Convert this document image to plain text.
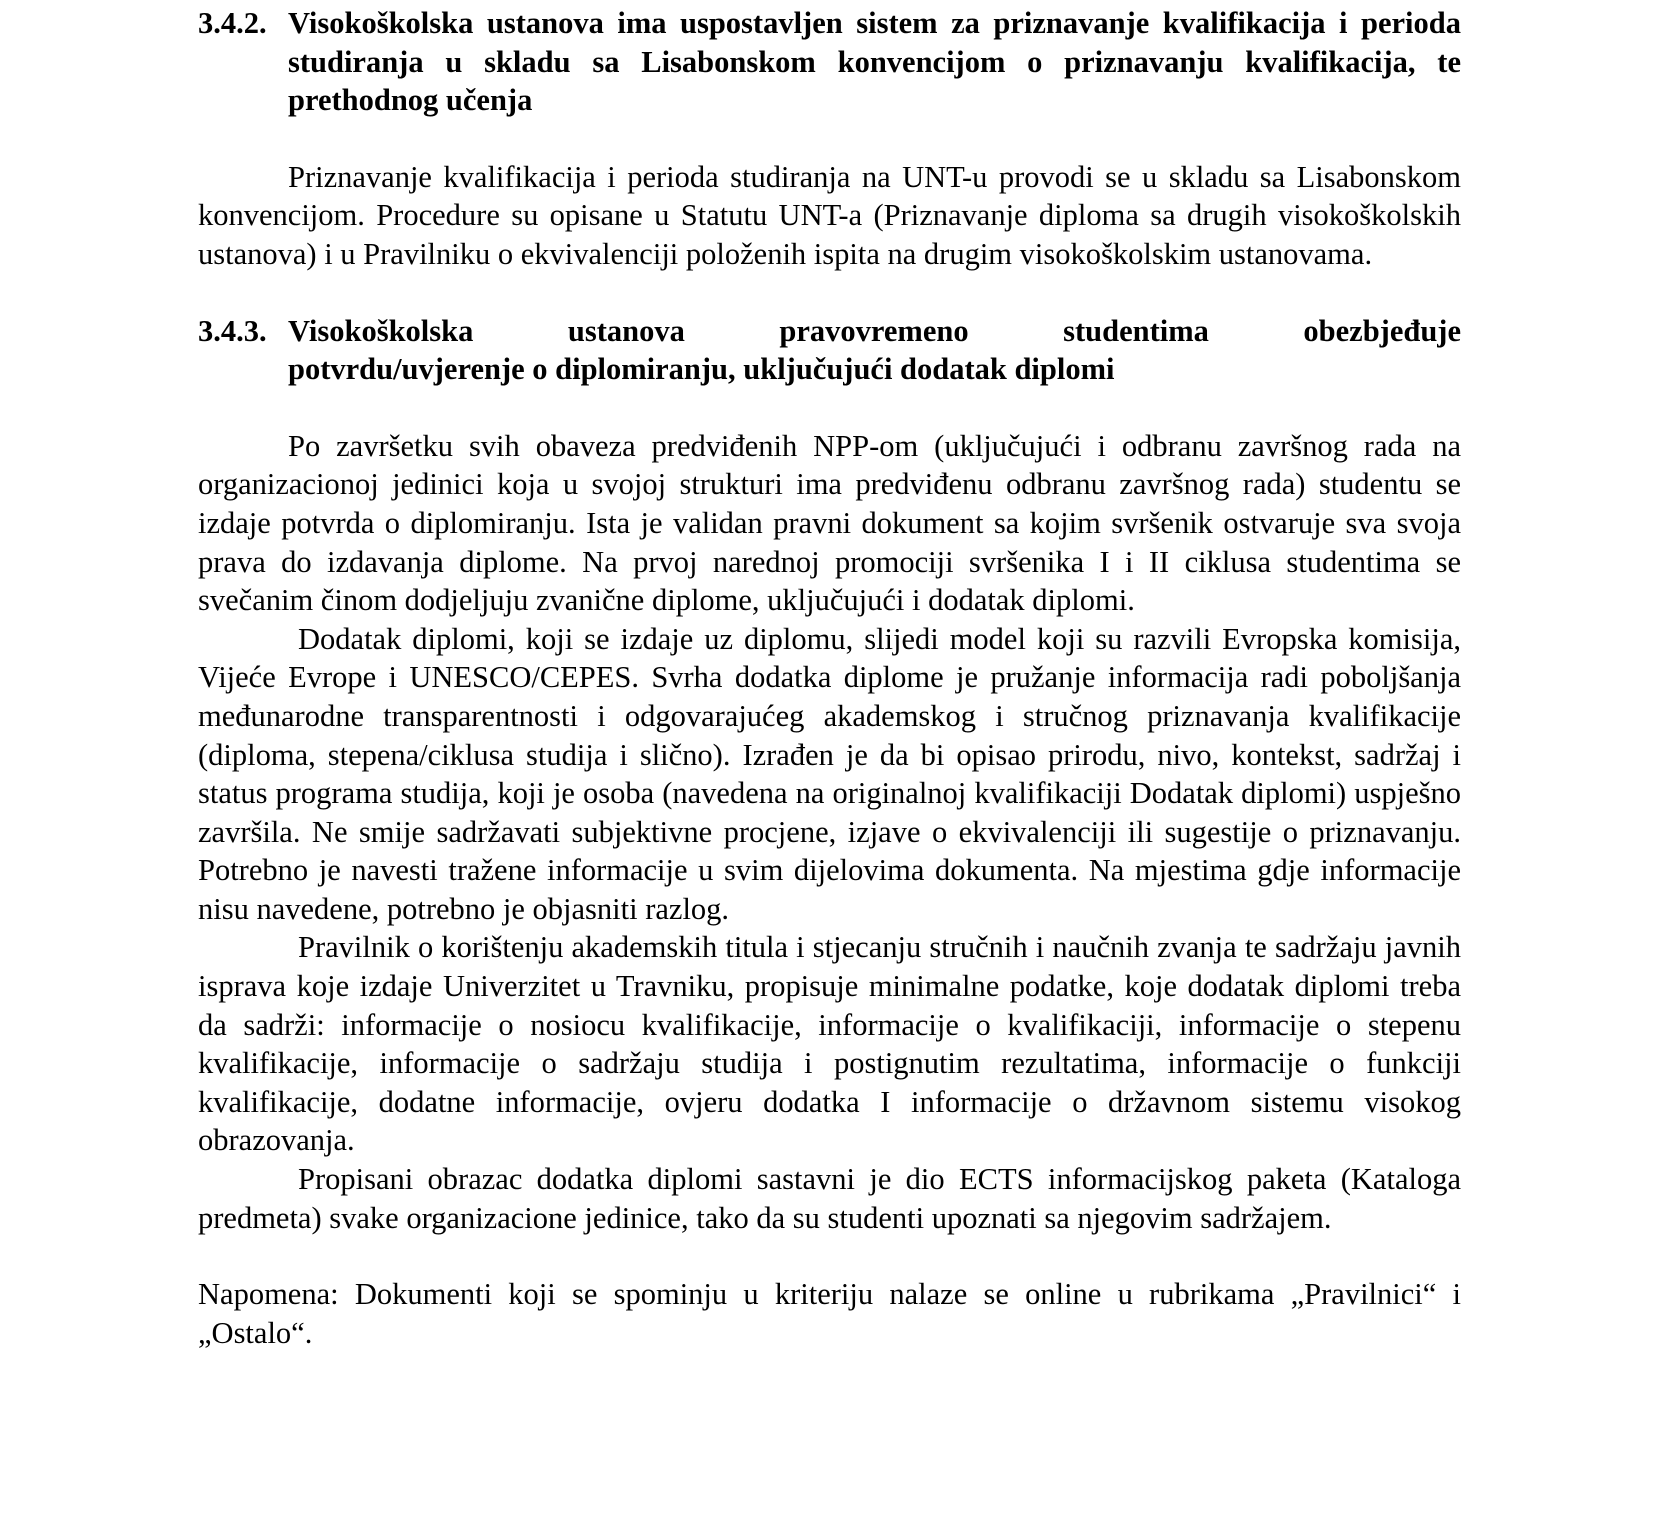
3.4.2. Visokoškolska ustanova ima uspostavljen sistem za priznavanje kvalifikacija i perioda studiranja u skladu sa Lisabonskom konvencijom o priznavanju kvalifikacija, te prethodnog učenja

Priznavanje kvalifikacija i perioda studiranja na UNT-u provodi se u skladu sa Lisabonskom konvencijom. Procedure su opisane u Statutu UNT-a (Priznavanje diploma sa drugih visokoškolskih ustanova) i u Pravilniku o ekvivalenciji položenih ispita na drugim visokoškolskim ustanovama.

3.4.3. Visokoškolska ustanova pravovremeno studentima obezbjeđuje
potvrdu/uvjerenje o diplomiranju, uključujući dodatak diplomi

Po završetku svih obaveza predviđenih NPP-om (uključujući i odbranu završnog rada na organizacionoj jedinici koja u svojoj strukturi ima predviđenu odbranu završnog rada) studentu se izdaje potvrda o diplomiranju. Ista je validan pravni dokument sa kojim svršenik ostvaruje sva svoja prava do izdavanja diplome. Na prvoj narednoj promociji svršenika I i II ciklusa studentima se svečanim činom dodjeljuju zvanične diplome, uključujući i dodatak diplomi.

Dodatak diplomi, koji se izdaje uz diplomu, slijedi model koji su razvili Evropska komisija, Vijeće Evrope i UNESCO/CEPES. Svrha dodatka diplome je pružanje informacija radi poboljšanja međunarodne transparentnosti i odgovarajućeg akademskog i stručnog priznavanja kvalifikacije (diploma, stepena/ciklusa studija i slično). Izrađen je da bi opisao prirodu, nivo, kontekst, sadržaj i status programa studija, koji je osoba (navedena na originalnoj kvalifikaciji Dodatak diplomi) uspješno završila. Ne smije sadržavati subjektivne procjene, izjave o ekvivalenciji ili sugestije o priznavanju. Potrebno je navesti tražene informacije u svim dijelovima dokumenta. Na mjestima gdje informacije nisu navedene, potrebno je objasniti razlog.

Pravilnik o korištenju akademskih titula i stjecanju stručnih i naučnih zvanja te sadržaju javnih isprava koje izdaje Univerzitet u Travniku, propisuje minimalne podatke, koje dodatak diplomi treba da sadrži: informacije o nosiocu kvalifikacije, informacije o kvalifikaciji, informacije o stepenu kvalifikacije, informacije o sadržaju studija i postignutim rezultatima, informacije o funkciji kvalifikacije, dodatne informacije, ovjeru dodatka I informacije o državnom sistemu visokog obrazovanja.

Propisani obrazac dodatka diplomi sastavni je dio ECTS informacijskog paketa (Kataloga predmeta) svake organizacione jedinice, tako da su studenti upoznati sa njegovim sadržajem.

Napomena: Dokumenti koji se spominju u kriteriju nalaze se online u rubrikama „Pravilnici“ i „Ostalo“.
